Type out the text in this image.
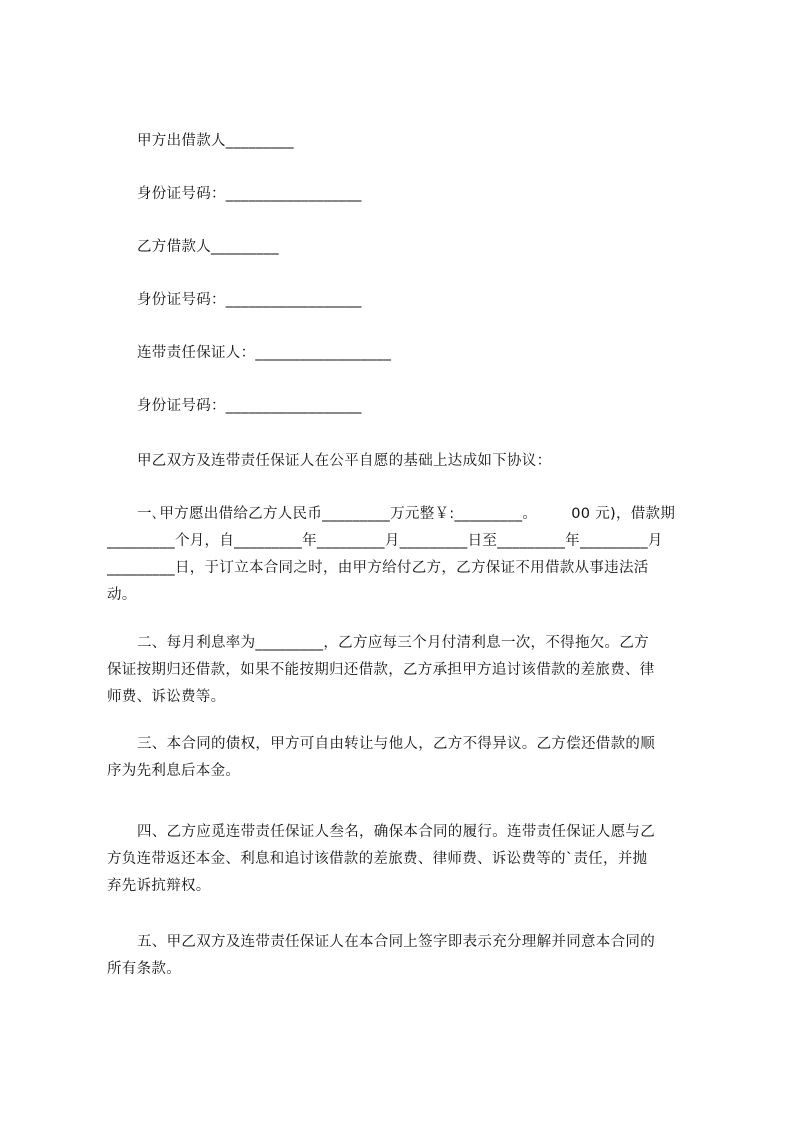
甲方出借款人_________
身份证号码：__________________
乙方借款人_________
身份证号码：__________________
连带责任保证人：__________________
身份证号码：__________________
甲乙双方及连带责任保证人在公平自愿的基础上达成如下协议：
一､甲方愿出借给乙方人民币_________万元整￥:_________。 00 元)，借款期
_________个月，自_________年_________月_________日至_________年_________月
_________日，于订立本合同之时，由甲方给付乙方，乙方保证不用借款从事违法活
动。
二、每月利息率为_________，乙方应每三个月付清利息一次，不得拖欠。乙方
保证按期归还借款，如果不能按期归还借款，乙方承担甲方追讨该借款的差旅费、律
师费、诉讼费等。
三、本合同的债权，甲方可自由转让与他人，乙方不得异议。乙方偿还借款的顺
序为先利息后本金。
四、乙方应觅连带责任保证人叁名，确保本合同的履行。连带责任保证人愿与乙
方负连带返还本金、利息和追讨该借款的差旅费、律师费、诉讼费等的`责任，并抛
弃先诉抗辩权。
五、甲乙双方及连带责任保证人在本合同上签字即表示充分理解并同意本合同的
所有条款。
